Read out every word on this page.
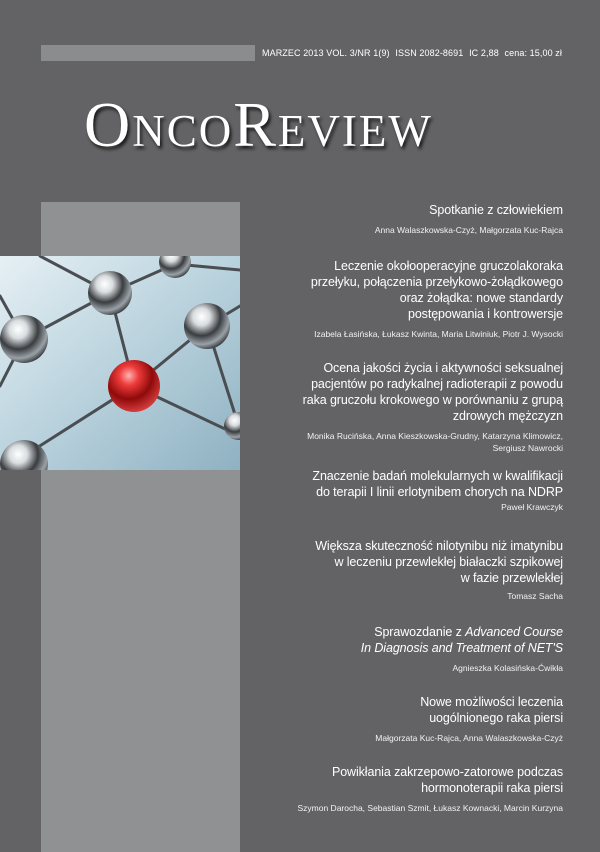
MARZEC 2013 VOL. 3/NR 1(9) ISSN 2082-8691 IC 2,88 cena: 15,00 zł
OncoReview
Spotkanie z człowiekiem
Anna Walaszkowska-Czyż, Małgorzata Kuc-Rajca
Leczenie okołooperacyjne gruczolakoraka
przełyku, połączenia przełykowo-żołądkowego
oraz żołądka: nowe standardy
postępowania i kontrowersje
Izabela Łasińska, Łukasz Kwinta, Maria Litwiniuk, Piotr J. Wysocki
Ocena jakości życia i aktywności seksualnej
pacjentów po radykalnej radioterapii z powodu
raka gruczołu krokowego w porównaniu z grupą
zdrowych mężczyzn
Monika Rucińska, Anna Kieszkowska-Grudny, Katarzyna Klimowicz,
Sergiusz Nawrocki
Znaczenie badań molekularnych w kwalifikacji
do terapii I linii erlotynibem chorych na NDRP
Paweł Krawczyk
Większa skuteczność nilotynibu niż imatynibu
w leczeniu przewlekłej białaczki szpikowej
w fazie przewlekłej
Tomasz Sacha
Sprawozdanie z Advanced Course
In Diagnosis and Treatment of NET'S
Agnieszka Kolasińska-Ćwikła
Nowe możliwości leczenia
uogólnionego raka piersi
Małgorzata Kuc-Rajca, Anna Walaszkowska-Czyż
Powikłania zakrzepowo-zatorowe podczas
hormonoterapii raka piersi
Szymon Darocha, Sebastian Szmit, Łukasz Kownacki, Marcin Kurzyna
